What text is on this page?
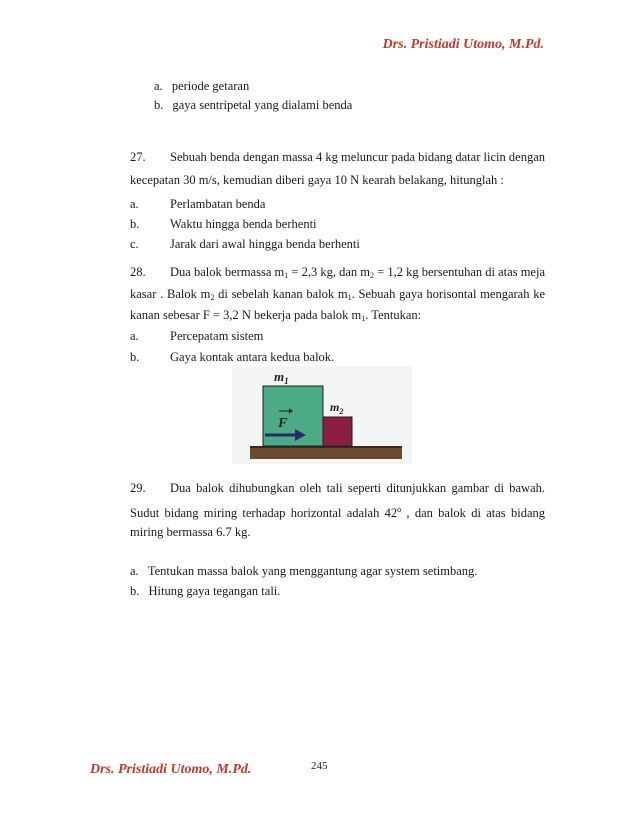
Drs. Pristiadi Utomo, M.Pd.
a. periode getaran
b. gaya sentripetal yang dialami benda
27. Sebuah benda dengan massa 4 kg meluncur pada bidang datar licin dengan
kecepatan 30 m/s, kemudian diberi gaya 10 N kearah belakang, hitunglah :
a.	Perlambatan benda
b. Waktu hingga benda berhenti
c.	Jarak dari awal hingga benda berhenti
28. Dua balok bermassa $m_1 = 2,3$ kg, dan $m_2 = 1,2$ kg bersentuhan di atas meja
kasar . Balok $m_2$ di sebelah kanan balok $m_1$. Sebuah gaya horisontal mengarah ke
kanan sebesar F = 3,2 N bekerja pada balok $m_1$. Tentukan:
a.	Percepatam sistem
b. Gaya kontak antara kedua balok.
F
$m_1$
$m_2$
29. Dua balok dihubungkan oleh tali seperti ditunjukkan gambar di bawah.
Sudut bidang miring terhadap horizontal adalah 42$^o$ , dan balok di atas bidang
miring bermassa 6.7 kg.
a. Tentukan massa balok yang menggantung agar system setimbang.
b. Hitung gaya tegangan tali.
Drs. Pristiadi Utomo, M.Pd.	245
